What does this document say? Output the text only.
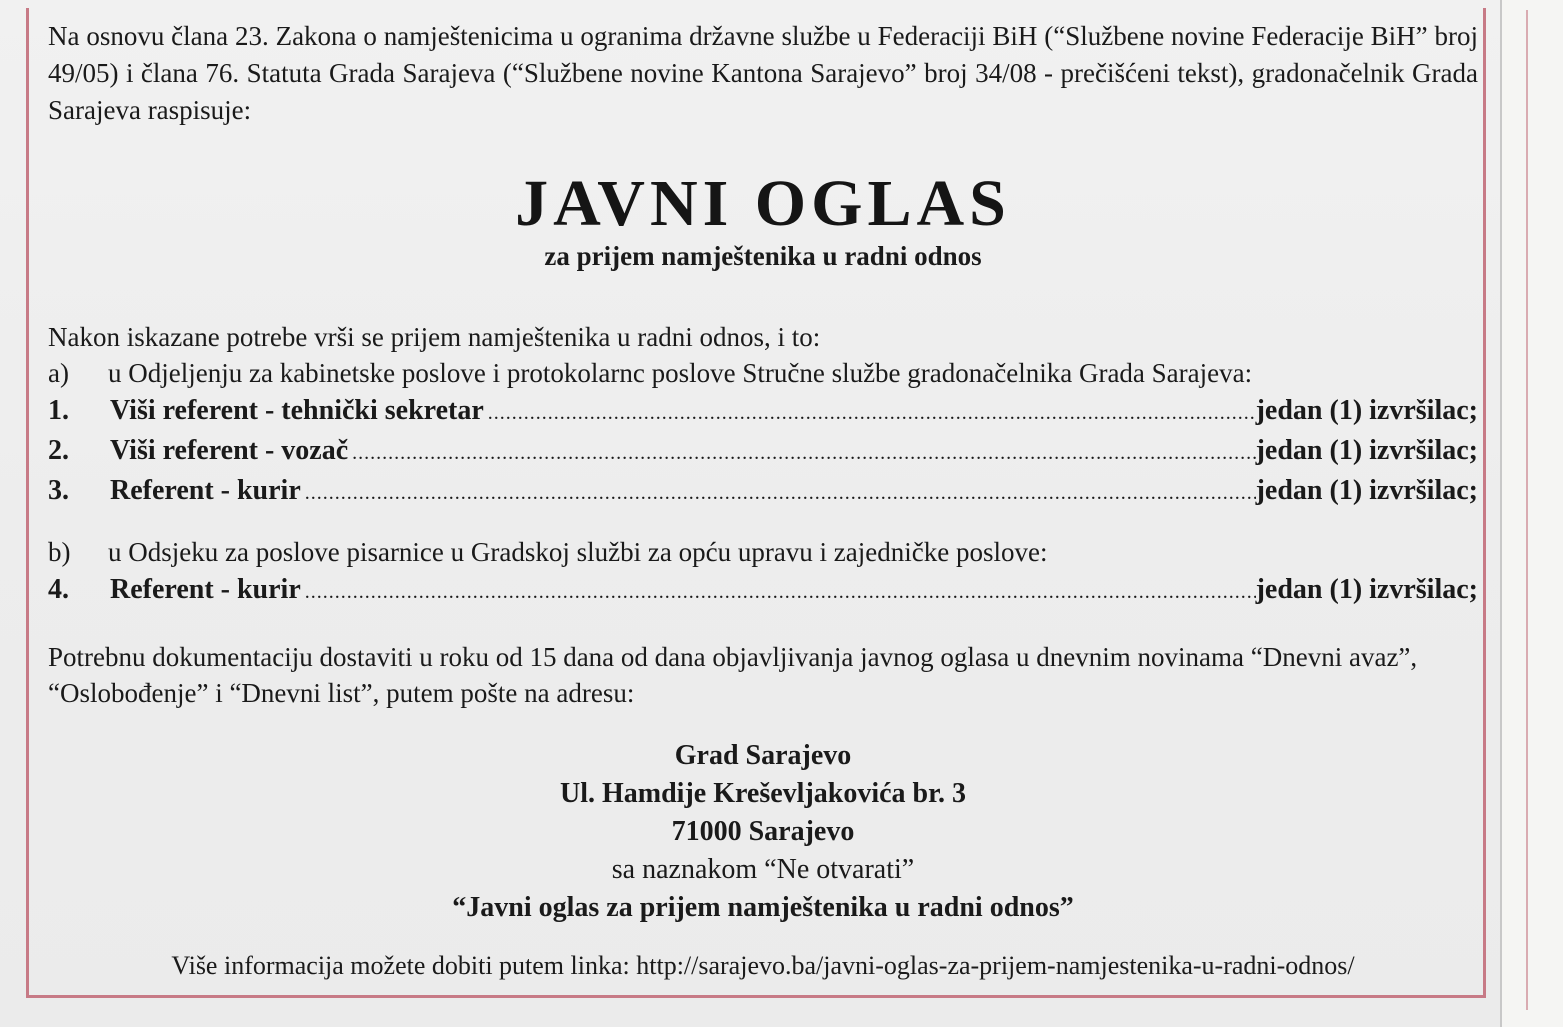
Na osnovu člana 23. Zakona o namještenicima u ogranima državne službe u Federaciji BiH (“Službene novine Federacije BiH” broj 49/05) i člana 76. Statuta Grada Sarajeva (“Službene novine Kantona Sarajevo” broj 34/08 - prečišćeni tekst), gradonačelnik Grada Sarajeva raspisuje:

JAVNI OGLAS
za prijem namještenika u radni odnos

Nakon iskazane potrebe vrši se prijem namještenika u radni odnos, i to:

a)	u Odjeljenju za kabinetske poslove i protokolarnc poslove Stručne službe gradonačelnika Grada Sarajeva:
1.	Viši referent - tehnički sekretar .....	jedan (1) izvršilac;
2.	Viši referent - vozač .....	jedan (1) izvršilac;
3.	Referent - kurir .....	jedan (1) izvršilac;
b)	u Odsjeku za poslove pisarnice u Gradskoj službi za opću upravu i zajedničke poslove:
4.	Referent - kurir .....	jedan (1) izvršilac;

Potrebnu dokumentaciju dostaviti u roku od 15 dana od dana objavljivanja javnog oglasa u dnevnim novinama “Dnevni avaz”, “Oslobođenje” i “Dnevni list”, putem pošte na adresu:

Grad Sarajevo
Ul. Hamdije Kreševljakovića br. 3
71000 Sarajevo
sa naznakom “Ne otvarati”
“Javni oglas za prijem namještenika u radni odnos”
Više informacija možete dobiti putem linka: http://sarajevo.ba/javni-oglas-za-prijem-namjestenika-u-radni-odnos/
